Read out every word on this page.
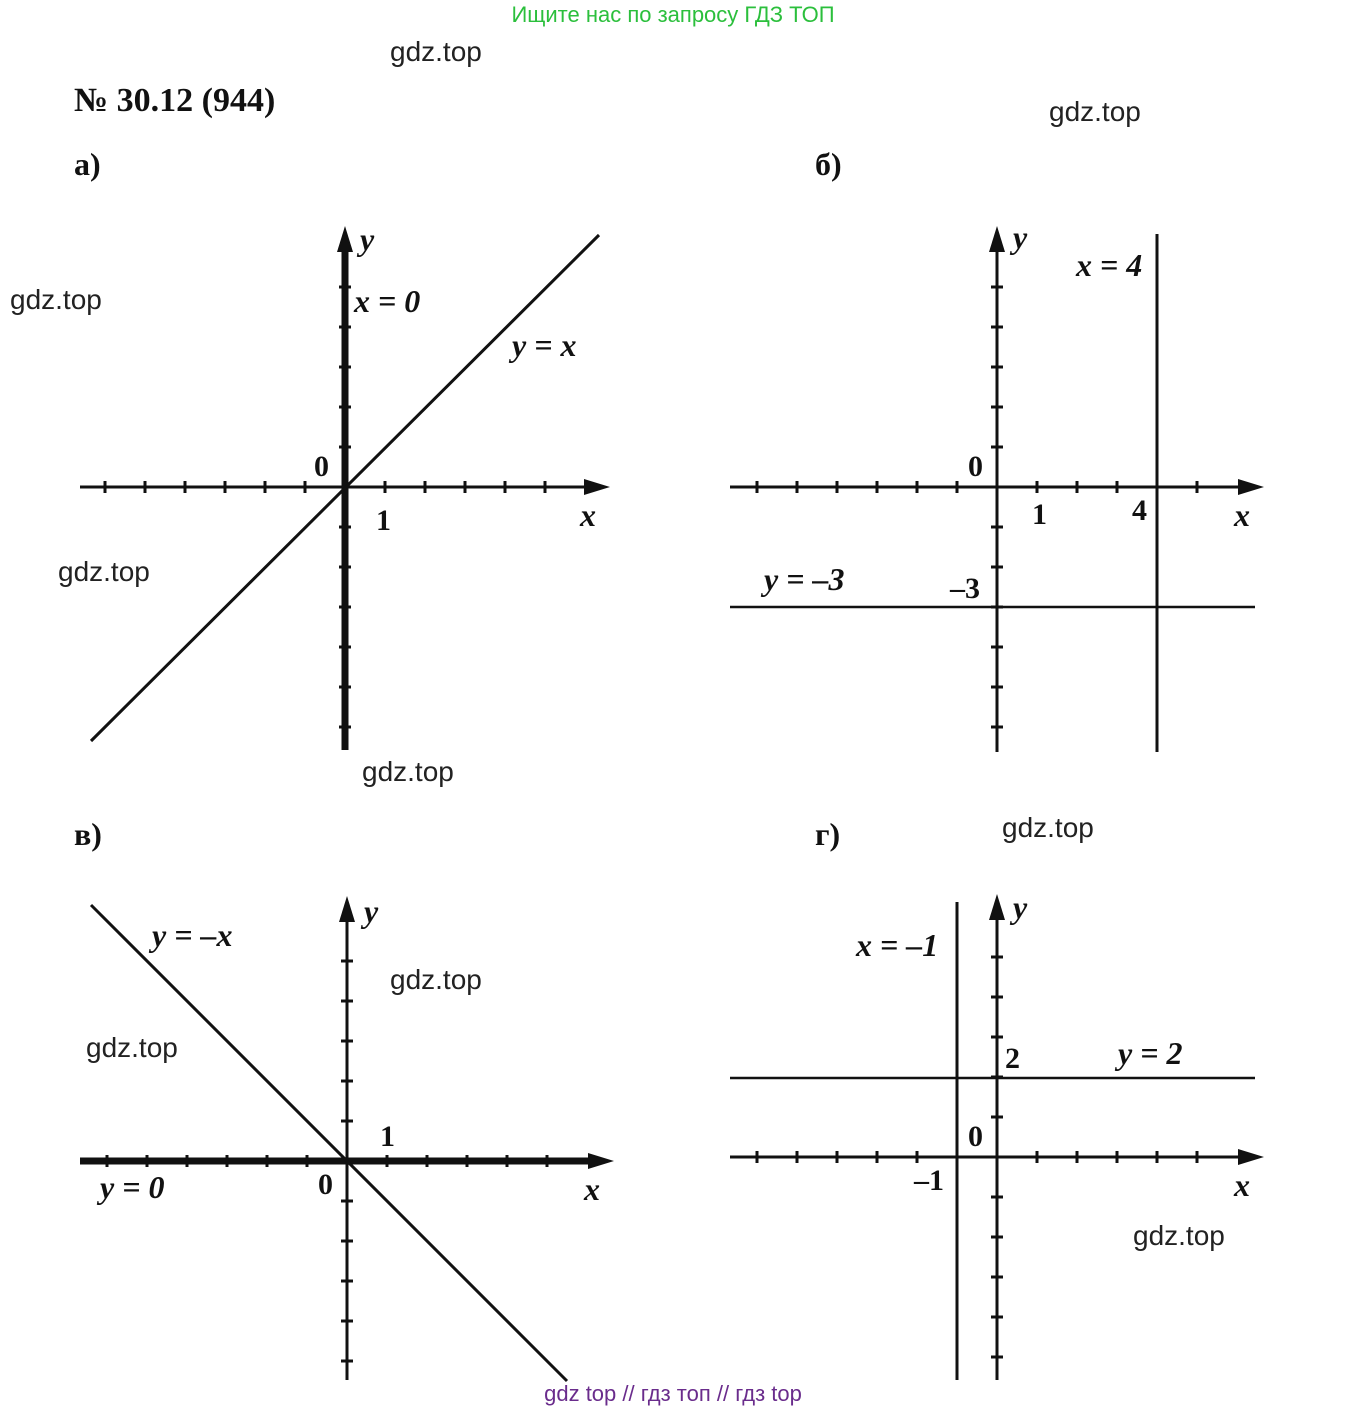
Ищите нас по запросу ГДЗ ТОП
gdz.top
gdz.top
gdz.top
gdz.top
gdz.top
gdz.top
gdz.top
gdz.top
gdz.top
№ 30.12 (944)
а)	б)
в)	г)
y
x
0
1
x = 0
y = x
y
x
0
1	4
–3
x = 4
y = –3
y
x
0
1
y = –x
y = 0
y
x
0
2
–1
x = –1
y = 2
gdz top // гдз топ // гдз top
